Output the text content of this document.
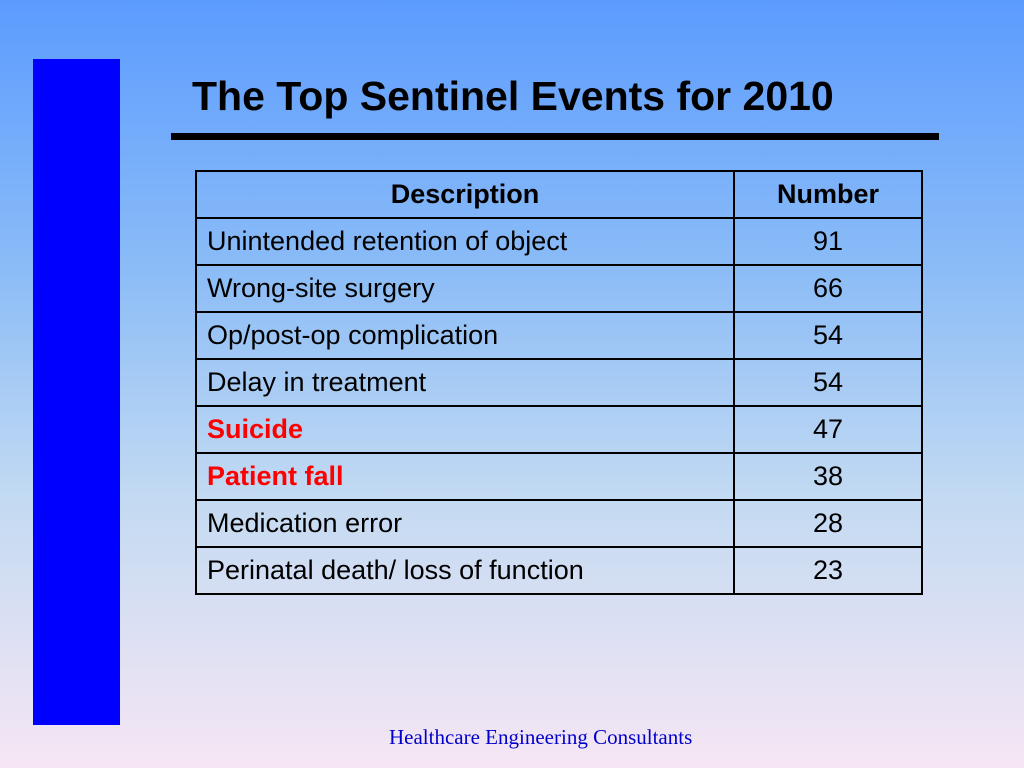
The Top Sentinel Events for 2010
Description	Number
Unintended retention of object	91
Wrong-site surgery	66
Op/post-op complication	54
Delay in treatment	54
Suicide	47
Patient fall	38
Medication error	28
Perinatal death/ loss of function	23
Healthcare Engineering Consultants
